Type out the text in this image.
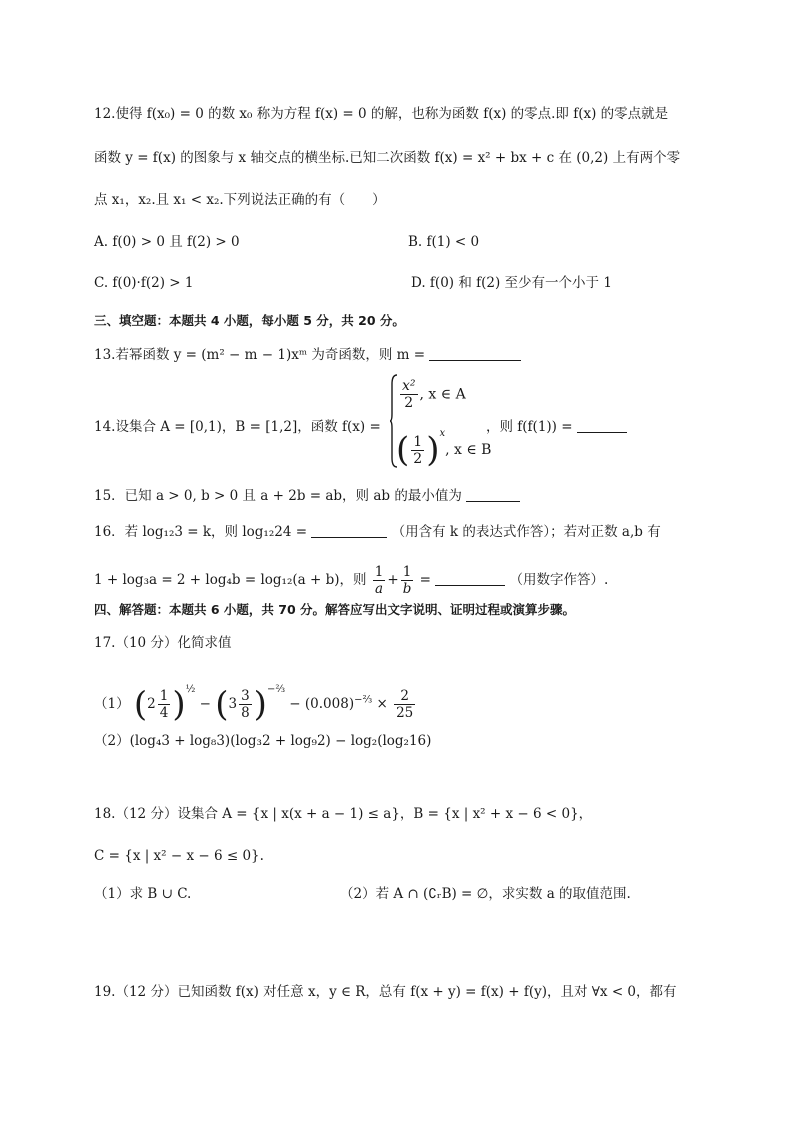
12.使得 f(x₀) = 0 的数 x₀ 称为方程 f(x) = 0 的解，也称为函数 f(x) 的零点.即 f(x) 的零点就是
函数 y = f(x) 的图象与 x 轴交点的横坐标.已知二次函数 f(x) = x² + bx + c 在 (0,2) 上有两个零
点 x₁，x₂.且 x₁ < x₂.下列说法正确的有（　　）
A. f(0) > 0 且 f(2) > 0	B. f(1) < 0
C. f(0)·f(2) > 1	D. f(0) 和 f(2) 至少有一个小于 1
三、填空题：本题共 4 小题，每小题 5 分，共 20 分。
13.若幂函数 y = (m² − m − 1)xᵐ 为奇函数，则 m =
14.设集合 A = [0,1)，B = [1,2]，函数 f(x) =
$\frac{\text{x²}}{2}$ , x ∈ A
( $\frac{1}{2} )^x$, x ∈ B
，则 f(f(1)) =
15．已知 a > 0, b > 0 且 a + 2b = ab，则 ab 的最小值为
16．若 log₁₂3 = k，则 log₁₂24 =	（用含有 k 的表达式作答）；若对正数 a,b 有
1 + log₃a = 2 + log₄b = log₁₂(a + b)，则 $\frac{1}{a} + \frac{1}{b}$ =	（用数字作答）.
四、解答题：本题共 6 小题，共 70 分。解答应写出文字说明、证明过程或演算步骤。
17.（10 分）化简求值
（1） $(2 \frac{1}{4} )^{\frac{1}{2}} - (3 \frac{3}{8} )^{-\frac{2}{3}} - (0.008)^{-\frac{2}{3}} \times \frac{2}{25}$
（2）(log₄3 + log₈3)(log₃2 + log₉2) − log₂(log₂16)
18.（12 分）设集合 A = {x | x(x + a − 1) ≤ a}，B = {x | x² + x − 6 < 0}，
C = {x | x² − x − 6 ≤ 0}.
（1）求 B ∪ C.	（2）若 A ∩ (∁ᵣB) = ∅，求实数 a 的取值范围.
19.（12 分）已知函数 f(x) 对任意 x，y ∈ R，总有 f(x + y) = f(x) + f(y)，且对 ∀x < 0，都有
